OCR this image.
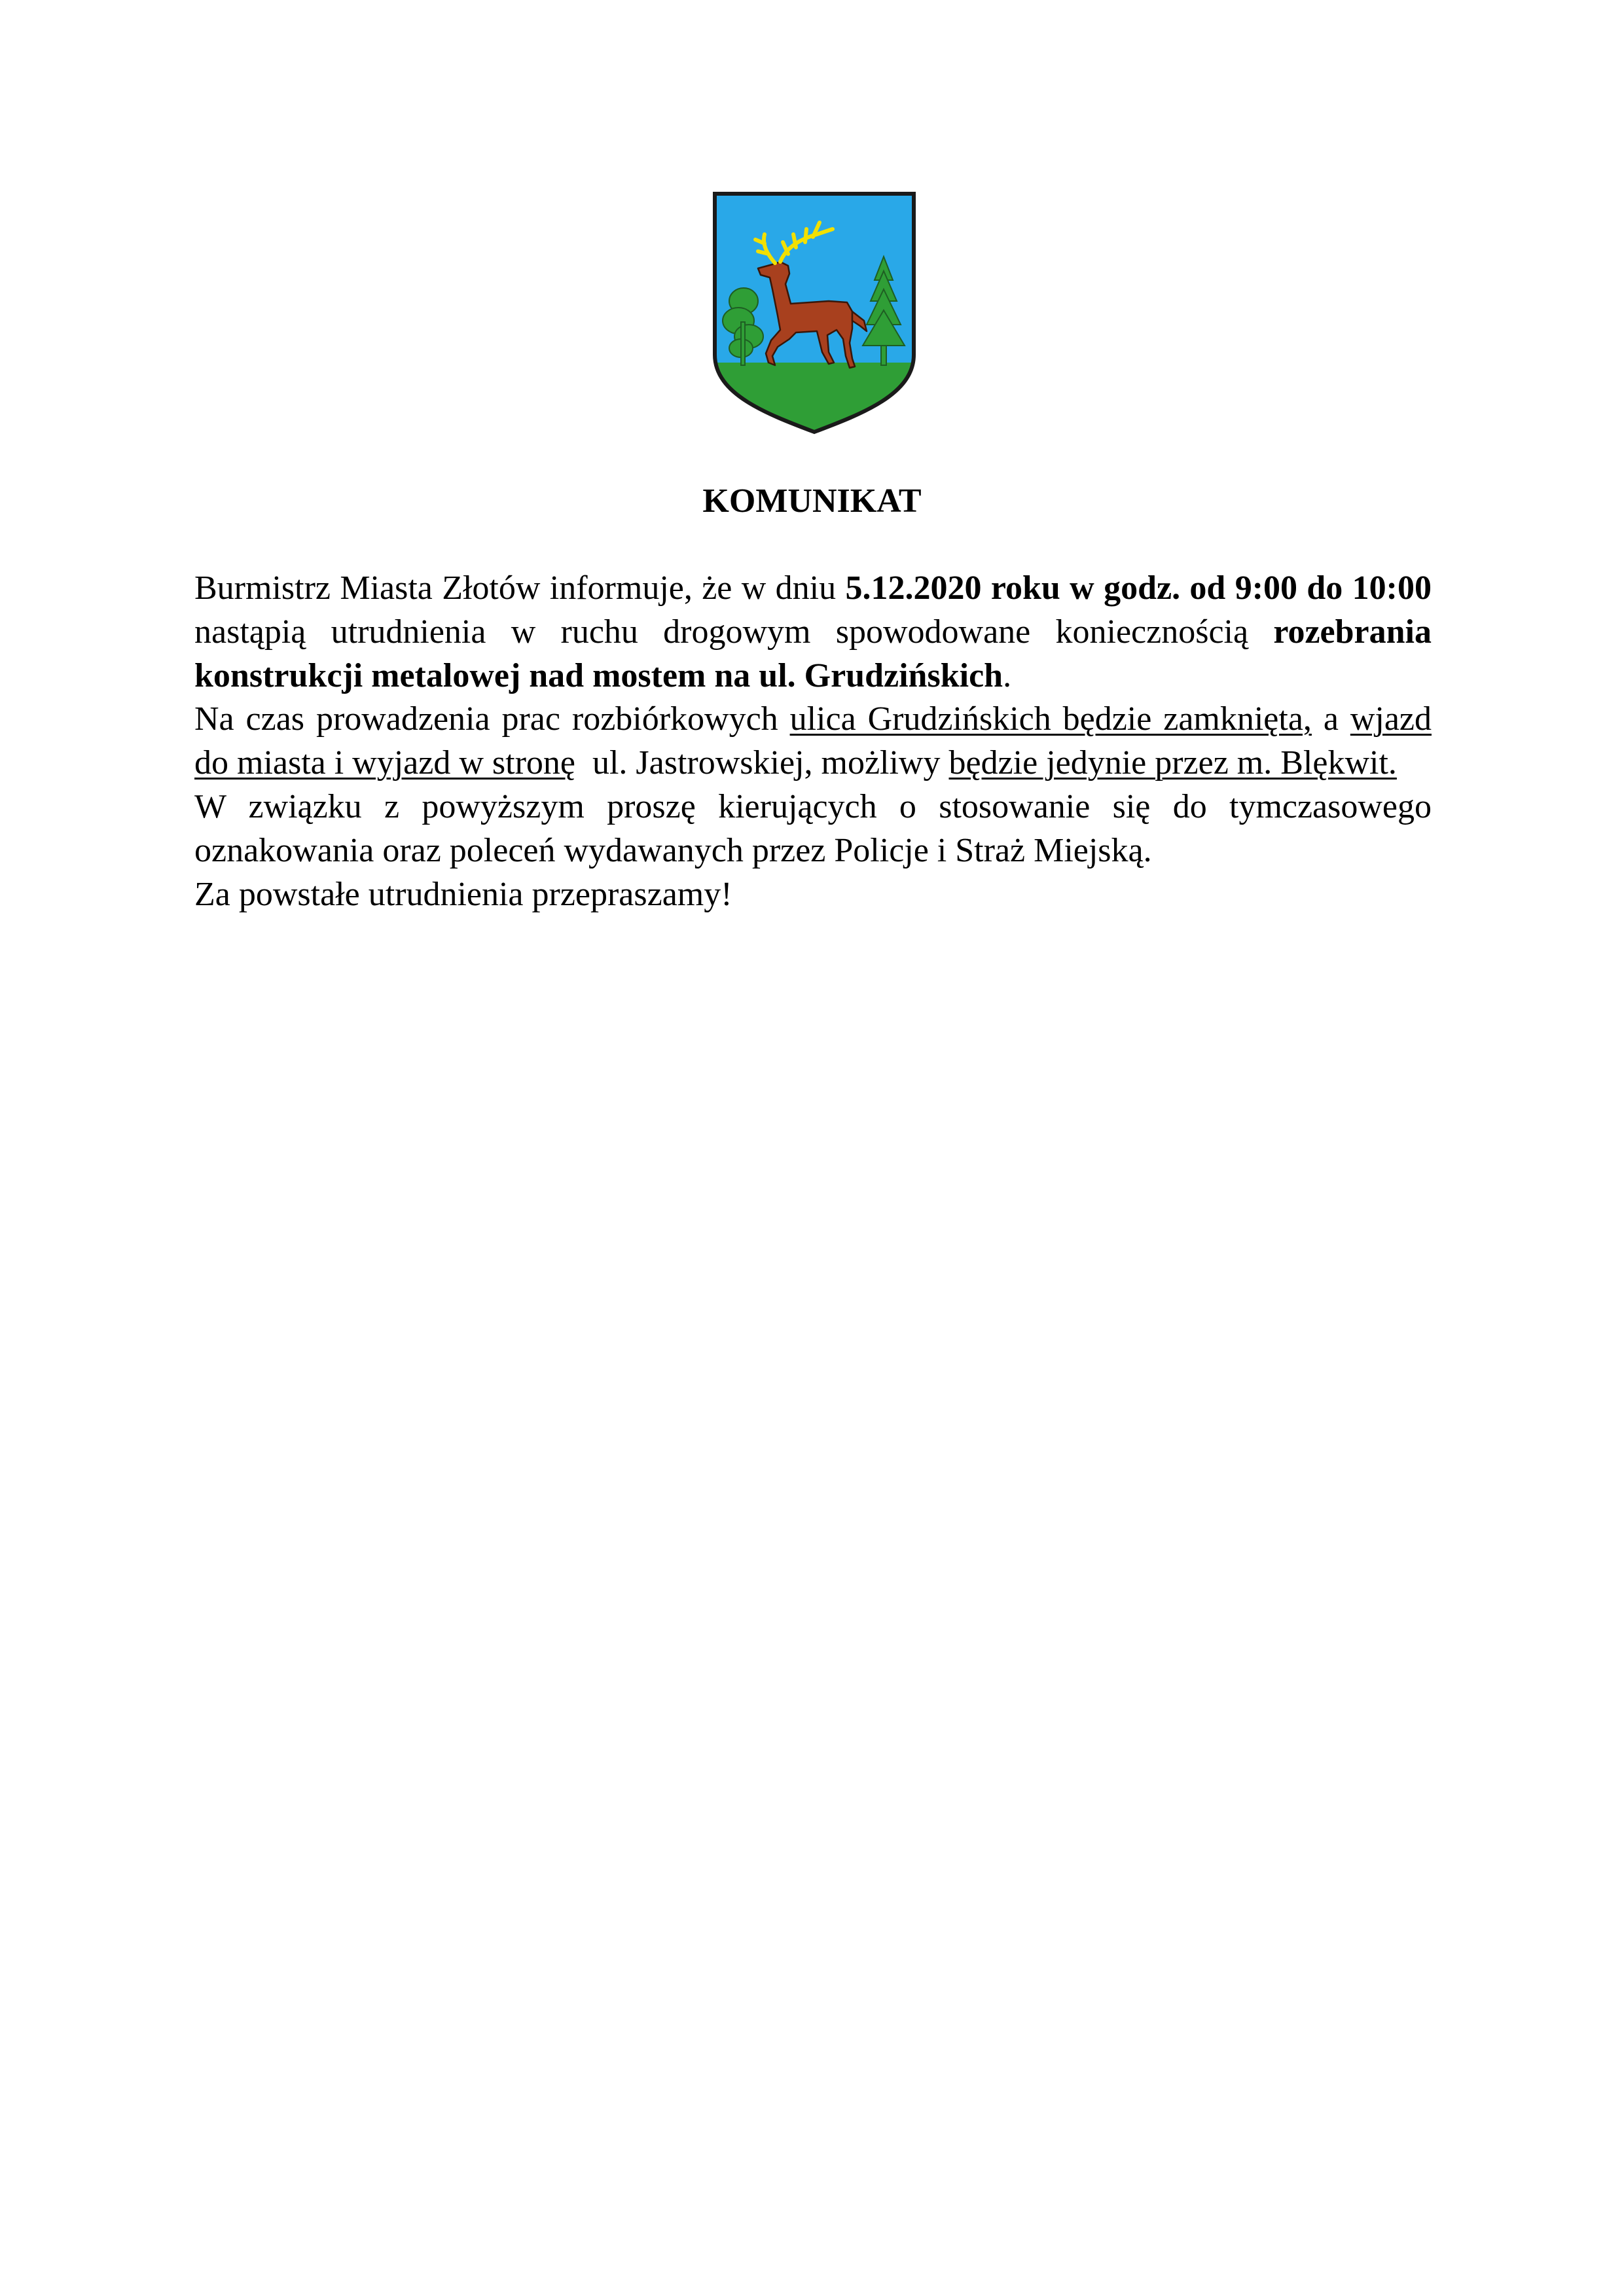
KOMUNIKAT

Burmistrz Miasta Złotów informuje, że w dniu 5.12.2020 roku w godz. od 9:00 do 10:00 nastąpią utrudnienia w ruchu drogowym spowodowane koniecznością rozebrania konstrukcji metalowej nad mostem na ul. Grudzińskich.

Na czas prowadzenia prac rozbiórkowych ulica Grudzińskich będzie zamknięta, a wjazd do miasta i wyjazd w stronę  ul. Jastrowskiej, możliwy będzie jedynie przez m. Blękwit.

W związku z powyższym proszę kierujących o stosowanie się do tymczasowego oznakowania oraz poleceń wydawanych przez Policje i Straż Miejską.

Za powstałe utrudnienia przepraszamy!
